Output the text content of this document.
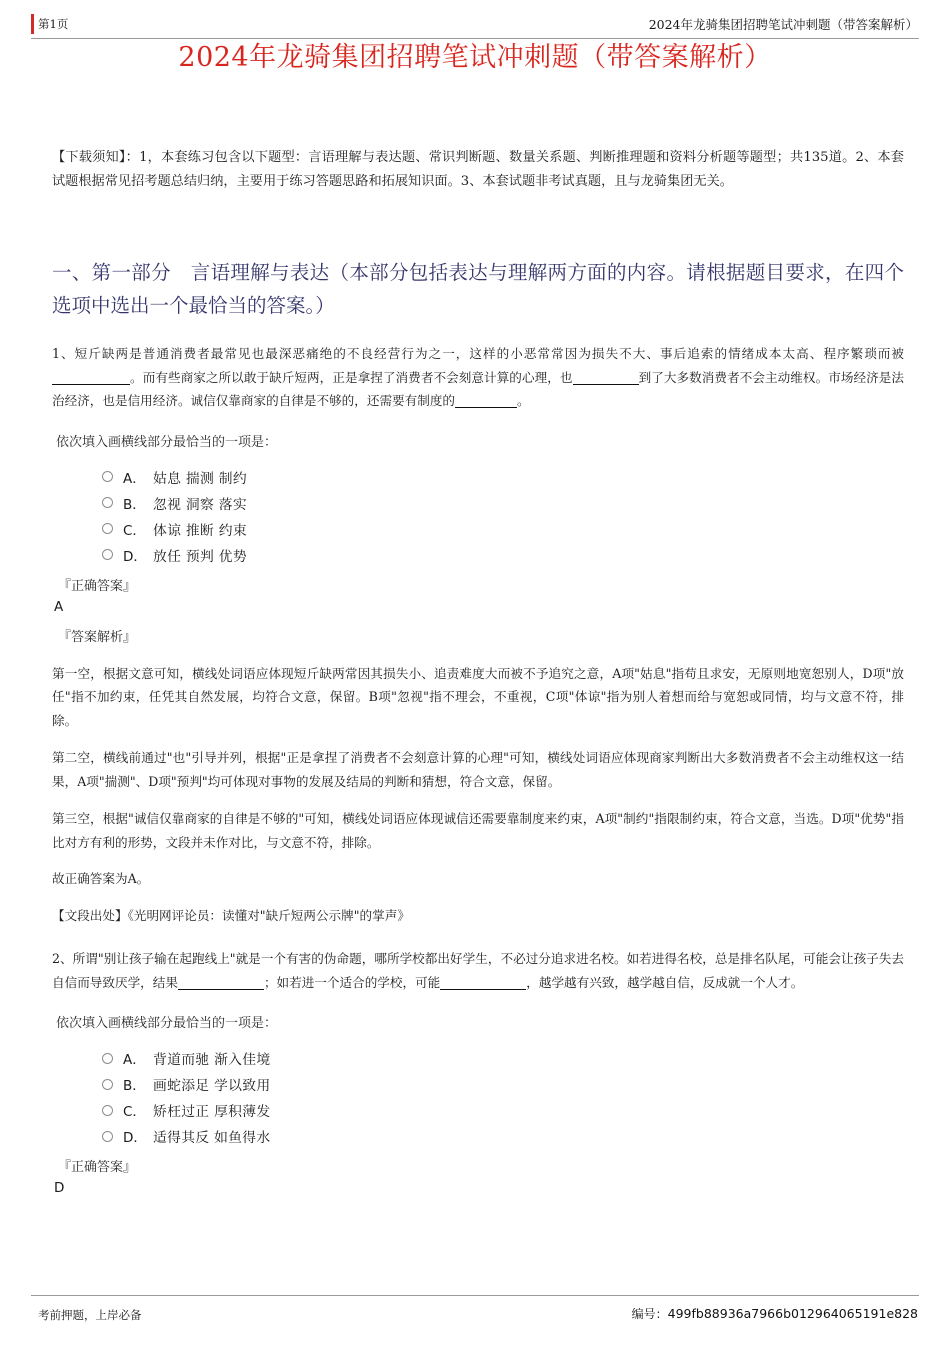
第1页	2024年龙骑集团招聘笔试冲刺题（带答案解析）
2024年龙骑集团招聘笔试冲刺题（带答案解析）
【下载须知】：1，本套练习包含以下题型：言语理解与表达题、常识判断题、数量关系题、判断推理题和资料分析题等题型；共135道。2、本套试题根据常见招考题总结归纳，主要用于练习答题思路和拓展知识面。3、本套试题非考试真题，且与龙骑集团无关。
一、第一部分　言语理解与表达（本部分包括表达与理解两方面的内容。请根据题目要求，在四个选项中选出一个最恰当的答案。）
1、短斤缺两是普通消费者最常见也最深恶痛绝的不良经营行为之一，这样的小恶常常因为损失不大、事后追索的情绪成本太高、程序繁琐而被。而有些商家之所以敢于缺斤短两，正是拿捏了消费者不会刻意计算的心理，也	到了大多数消费者不会主动维权。市场经济是法治经济，也是信用经济。诚信仅靠商家的自律是不够的，还需要有制度的	。
依次填入画横线部分最恰当的一项是：
A． 姑息 揣测 制约
B． 忽视 洞察 落实
C． 体谅 推断 约束
D． 放任 预判 优势
『正确答案』
A
『答案解析』
第一空，根据文意可知，横线处词语应体现短斤缺两常因其损失小、追责难度大而被不予追究之意，A项"姑息"指苟且求安，无原则地宽恕别人，D项"放任"指不加约束，任凭其自然发展，均符合文意，保留。B项"忽视"指不理会，不重视，C项"体谅"指为别人着想而给与宽恕或同情，均与文意不符，排除。
第二空，横线前通过"也"引导并列，根据"正是拿捏了消费者不会刻意计算的心理"可知，横线处词语应体现商家判断出大多数消费者不会主动维权这一结果，A项"揣测"、D项"预判"均可体现对事物的发展及结局的判断和猜想，符合文意，保留。
第三空，根据"诚信仅靠商家的自律是不够的"可知，横线处词语应体现诚信还需要靠制度来约束，A项"制约"指限制约束，符合文意，当选。D项"优势"指比对方有利的形势，文段并未作对比，与文意不符，排除。
故正确答案为A。
【文段出处】《光明网评论员：读懂对"缺斤短两公示牌"的掌声》
2、所谓"别让孩子输在起跑线上"就是一个有害的伪命题，哪所学校都出好学生，不必过分追求进名校。如若进得名校，总是排名队尾，可能会让孩子失去自信而导致厌学，结果	；如若进一个适合的学校，可能	，越学越有兴致，越学越自信，反成就一个人才。
依次填入画横线部分最恰当的一项是：
A． 背道而驰 渐入佳境
B． 画蛇添足 学以致用
C． 矫枉过正 厚积薄发
D． 适得其反 如鱼得水
『正确答案』
D
考前押题，上岸必备	编号：499fb88936a7966b012964065191e828
